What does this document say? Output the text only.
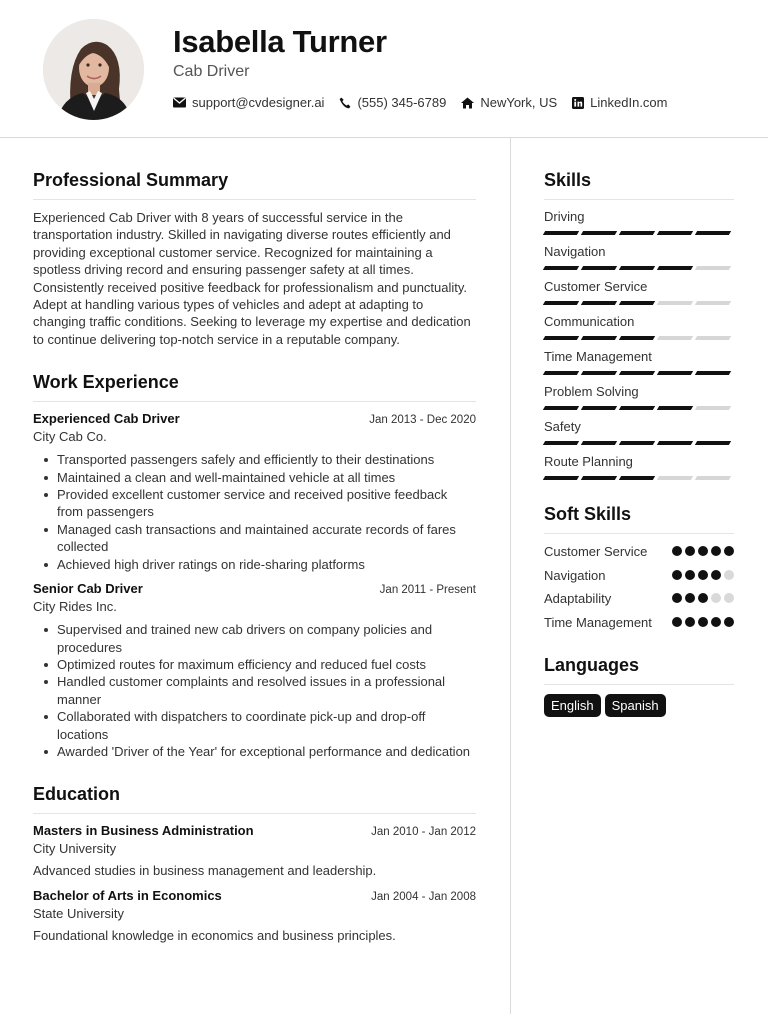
Isabella Turner
Cab Driver
support@cvdesigner.ai	(555) 345-6789	NewYork, US	LinkedIn.com
Professional Summary
Experienced Cab Driver with 8 years of successful service in the transportation industry. Skilled in navigating diverse routes efficiently and providing exceptional customer service. Recognized for maintaining a spotless driving record and ensuring passenger safety at all times. Consistently received positive feedback for professionalism and punctuality. Adept at handling various types of vehicles and adept at adapting to changing traffic conditions. Seeking to leverage my expertise and dedication to continue delivering top-notch service in a reputable company.
Work Experience
Experienced Cab Driver	Jan 2013 - Dec 2020
City Cab Co.
Transported passengers safely and efficiently to their destinations
Maintained a clean and well-maintained vehicle at all times
Provided excellent customer service and received positive feedback from passengers
Managed cash transactions and maintained accurate records of fares collected
Achieved high driver ratings on ride-sharing platforms
Senior Cab Driver	Jan 2011 - Present
City Rides Inc.
Supervised and trained new cab drivers on company policies and procedures
Optimized routes for maximum efficiency and reduced fuel costs
Handled customer complaints and resolved issues in a professional manner
Collaborated with dispatchers to coordinate pick-up and drop-off locations
Awarded 'Driver of the Year' for exceptional performance and dedication
Education
Masters in Business Administration	Jan 2010 - Jan 2012
City University
Advanced studies in business management and leadership.
Bachelor of Arts in Economics	Jan 2004 - Jan 2008
State University
Foundational knowledge in economics and business principles.
Skills
Driving
Navigation
Customer Service
Communication
Time Management
Problem Solving
Safety
Route Planning
Soft Skills
Customer Service
Navigation
Adaptability
Time Management
Languages
English	Spanish
